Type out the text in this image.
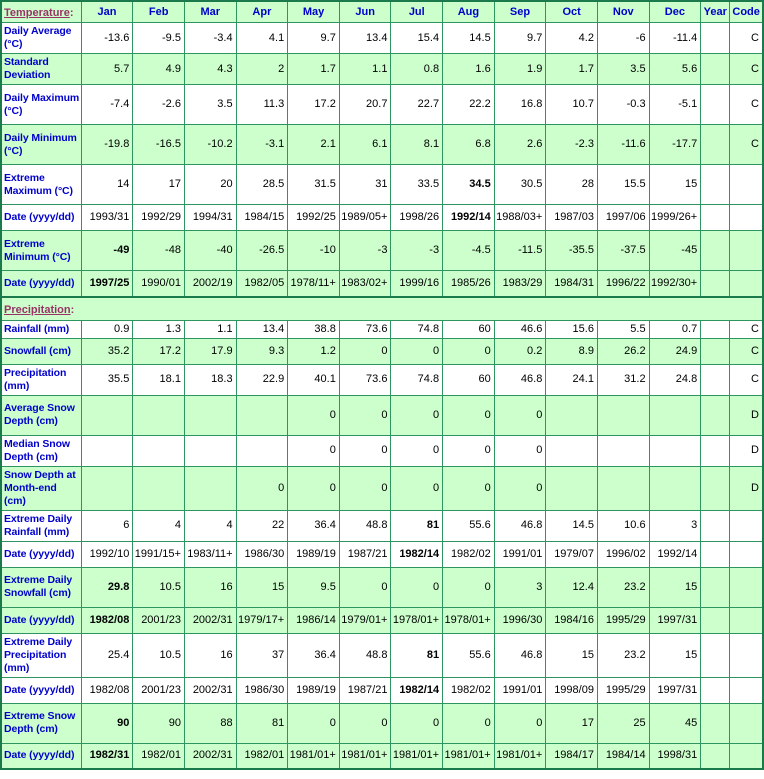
Temperature:	Jan	Feb	Mar	Apr	May	Jun	Jul	Aug	Sep	Oct	Nov	Dec	Year	Code
Daily Average (°C)	-13.6	-9.5	-3.4	4.1	9.7	13.4	15.4	14.5	9.7	4.2	-6	-11.4		C
Standard Deviation	5.7	4.9	4.3	2	1.7	1.1	0.8	1.6	1.9	1.7	3.5	5.6		C
Daily Maximum (°C)	-7.4	-2.6	3.5	11.3	17.2	20.7	22.7	22.2	16.8	10.7	-0.3	-5.1		C
Daily Minimum (°C)	-19.8	-16.5	-10.2	-3.1	2.1	6.1	8.1	6.8	2.6	-2.3	-11.6	-17.7		C
Extreme Maximum (°C)	14	17	20	28.5	31.5	31	33.5	34.5	30.5	28	15.5	15		
Date (yyyy/dd)	1993/31	1992/29	1994/31	1984/15	1992/25	1989/05+	1998/26	1992/14	1988/03+	1987/03	1997/06	1999/26+		
Extreme Minimum (°C)	-49	-48	-40	-26.5	-10	-3	-3	-4.5	-11.5	-35.5	-37.5	-45		
Date (yyyy/dd)	1997/25	1990/01	2002/19	1982/05	1978/11+	1983/02+	1999/16	1985/26	1983/29	1984/31	1996/22	1992/30+		
Precipitation:														
Rainfall (mm)	0.9	1.3	1.1	13.4	38.8	73.6	74.8	60	46.6	15.6	5.5	0.7		C
Snowfall (cm)	35.2	17.2	17.9	9.3	1.2	0	0	0	0.2	8.9	26.2	24.9		C
Precipitation (mm)	35.5	18.1	18.3	22.9	40.1	73.6	74.8	60	46.8	24.1	31.2	24.8		C
Average Snow Depth (cm)					0	0	0	0	0					D
Median Snow Depth (cm)					0	0	0	0	0					D
Snow Depth at Month-end (cm)				0	0	0	0	0	0					D
Extreme Daily Rainfall (mm)	6	4	4	22	36.4	48.8	81	55.6	46.8	14.5	10.6	3		
Date (yyyy/dd)	1992/10	1991/15+	1983/11+	1986/30	1989/19	1987/21	1982/14	1982/02	1991/01	1979/07	1996/02	1992/14		
Extreme Daily Snowfall (cm)	29.8	10.5	16	15	9.5	0	0	0	3	12.4	23.2	15		
Date (yyyy/dd)	1982/08	2001/23	2002/31	1979/17+	1986/14	1979/01+	1978/01+	1978/01+	1996/30	1984/16	1995/29	1997/31		
Extreme Daily Precipitation (mm)	25.4	10.5	16	37	36.4	48.8	81	55.6	46.8	15	23.2	15		
Date (yyyy/dd)	1982/08	2001/23	2002/31	1986/30	1989/19	1987/21	1982/14	1982/02	1991/01	1998/09	1995/29	1997/31		
Extreme Snow Depth (cm)	90	90	88	81	0	0	0	0	0	17	25	45		
Date (yyyy/dd)	1982/31	1982/01	2002/31	1982/01	1981/01+	1981/01+	1981/01+	1981/01+	1981/01+	1984/17	1984/14	1998/31		
